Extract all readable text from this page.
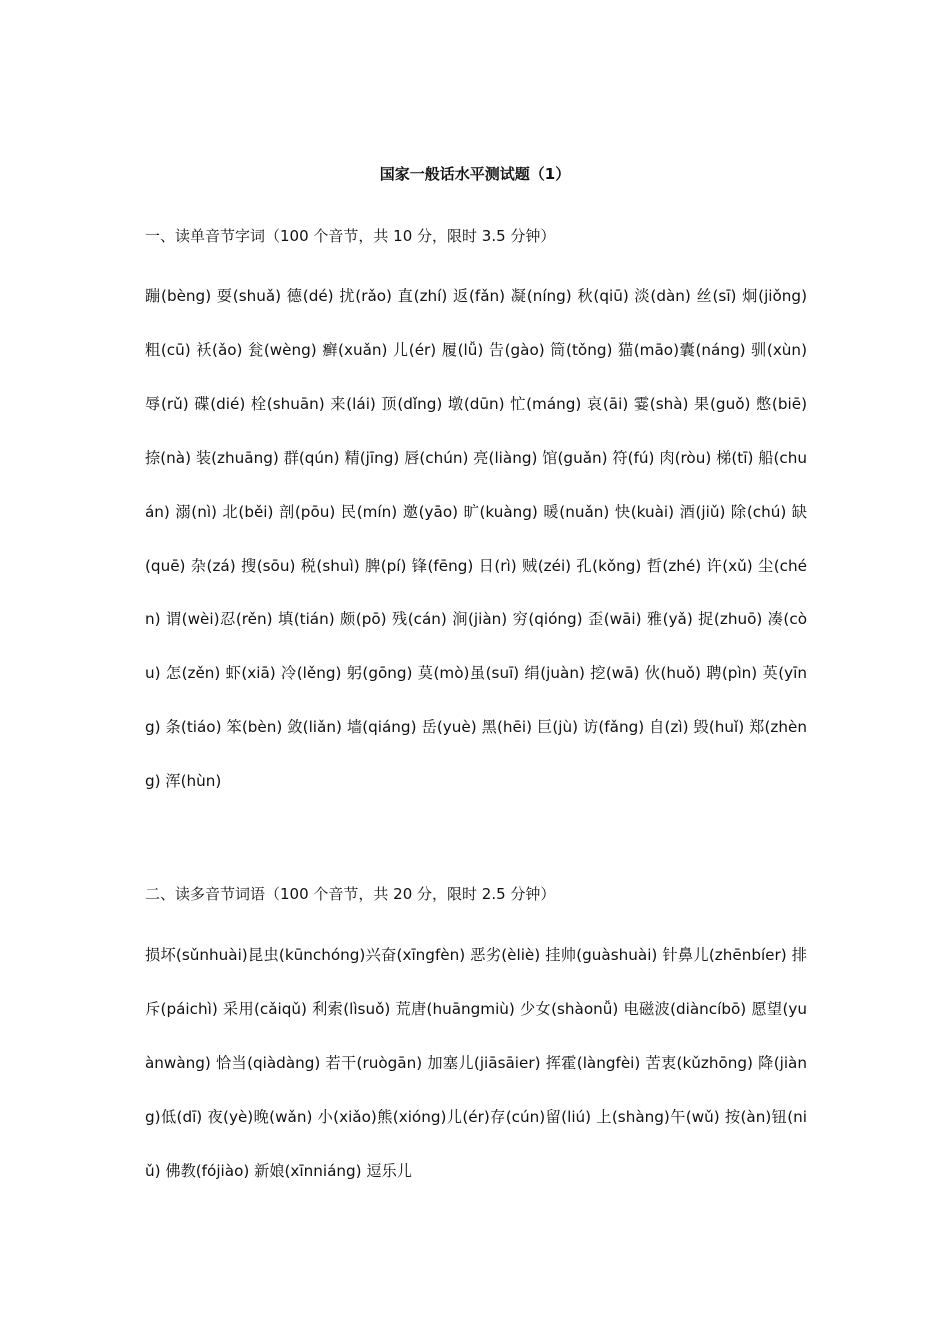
国家一般话水平测试题（1）
一、读单音节字词（100 个音节，共 10 分，限时 3.5 分钟）

蹦(bèng) 耍(shuǎ) 德(dé) 扰(rǎo) 直(zhí) 返(fǎn) 凝(níng) 秋(qiū) 淡(dàn) 丝(sī) 炯(jiǒng) 粗(cū) 袄(ǎo) 瓮(wèng) 癣(xuǎn) 儿(ér) 履(lǚ) 告(gào) 筒(tǒng) 猫(māo)囊(náng) 驯(xùn) 辱(rǔ) 碟(dié) 栓(shuān) 来(lái) 顶(dǐng) 墩(dūn) 忙(máng) 哀(āi) 霎(shà) 果(guǒ) 憋(biē) 捺(nà) 装(zhuāng) 群(qún) 精(jīng) 唇(chún) 亮(liàng) 馆(guǎn) 符(fú) 肉(ròu) 梯(tī) 船(chuán) 溺(nì) 北(běi) 剖(pōu) 民(mín) 邀(yāo) 旷(kuàng) 暖(nuǎn) 快(kuài) 酒(jiǔ) 除(chú) 缺(quē) 杂(zá) 搜(sōu) 税(shuì) 脾(pí) 锋(fēng) 日(rì) 贼(zéi) 孔(kǒng) 哲(zhé) 许(xǔ) 尘(chén) 谓(wèi)忍(rěn) 填(tián) 颇(pō) 残(cán) 涧(jiàn) 穷(qióng) 歪(wāi) 雅(yǎ) 捉(zhuō) 凑(còu) 怎(zěn) 虾(xiā) 冷(lěng) 躬(gōng) 莫(mò)虽(suī) 绢(juàn) 挖(wā) 伙(huǒ) 聘(pìn) 英(yīng) 条(tiáo) 笨(bèn) 敛(liǎn) 墙(qiáng) 岳(yuè) 黑(hēi) 巨(jù) 访(fǎng) 自(zì) 毁(huǐ) 郑(zhèng) 浑(hùn)

二、读多音节词语（100 个音节，共 20 分，限时 2.5 分钟）

损坏(sǔnhuài)昆虫(kūnchóng)兴奋(xīngfèn) 恶劣(èliè) 挂帅(guàshuài) 针鼻儿(zhēnbíer) 排斥(páichì) 采用(cǎiqǔ) 利索(lìsuǒ) 荒唐(huāngmiù) 少女(shàonǚ) 电磁波(diàncíbō) 愿望(yuànwàng) 恰当(qiàdàng) 若干(ruògān) 加塞儿(jiāsāier) 挥霍(làngfèi) 苦衷(kǔzhōng) 降(jiàng)低(dī) 夜(yè)晚(wǎn) 小(xiǎo)熊(xióng)儿(ér)存(cún)留(liú) 上(shàng)午(wǔ) 按(àn)钮(niǔ) 佛教(fójiào) 新娘(xīnniáng) 逗乐儿
